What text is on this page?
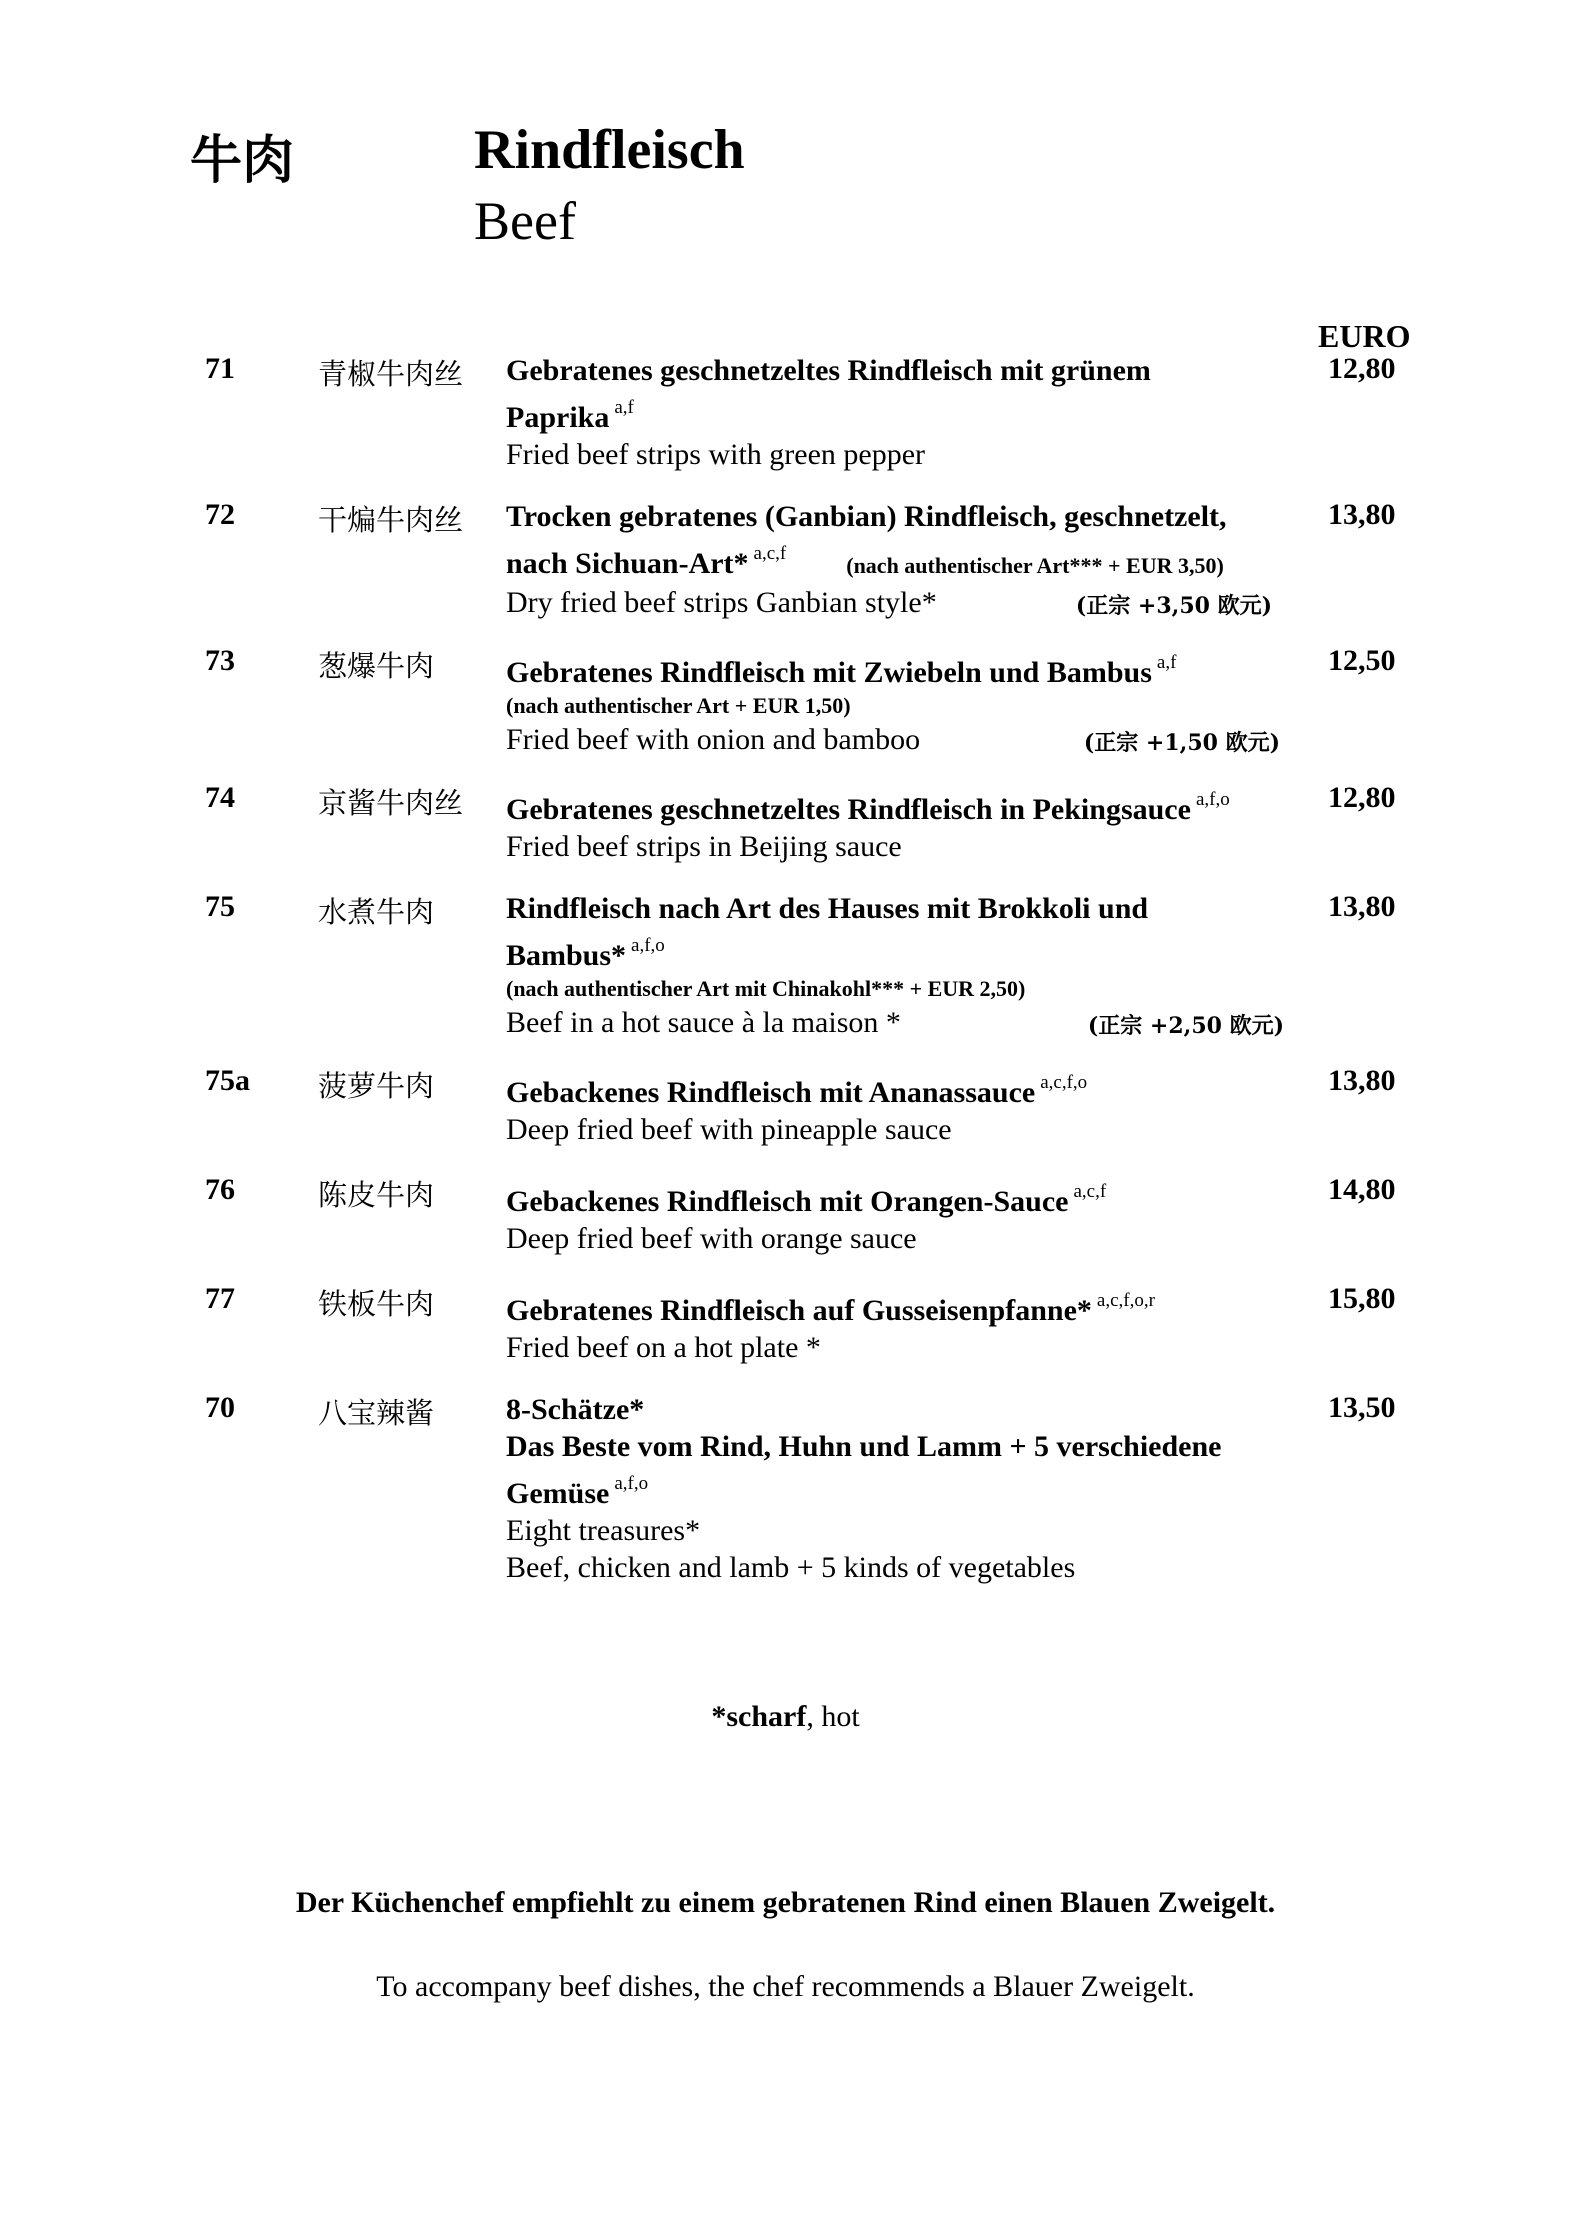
牛肉	Rindfleisch
Beef
EURO
71	青椒牛肉丝 Gebratenes geschnetzeltes Rindfleisch mit grünem
Paprika $^{a,f}$
Fried beef strips with green pepper
12,80
72	干煸牛肉丝 Trocken gebratenes (Ganbian) Rindfleisch, geschnetzelt,
nach Sichuan-Art* $^{a,c,f}$	(nach authentischer Art*** + EUR 3,50)
Dry fried beef strips Ganbian style*	(正宗 +3,50 欧元)
13,80
73	葱爆牛肉 Gebratenes Rindfleisch mit Zwiebeln und Bambus $^{a,f}$
(nach authentischer Art + EUR 1,50)
Fried beef with onion and bamboo	(正宗 +1,50 欧元)
12,50
74	京酱牛肉丝 Gebratenes geschnetzeltes Rindfleisch in Pekingsauce $^{a,f,o}$
Fried beef strips in Beijing sauce
12,80
75	水煮牛肉 Rindfleisch nach Art des Hauses mit Brokkoli und
Bambus* $^{a,f,o}$
(nach authentischer Art mit Chinakohl*** + EUR 2,50)
Beef in a hot sauce à la maison *	(正宗 +2,50 欧元)
13,80
75a 菠萝牛肉 Gebackenes Rindfleisch mit Ananassauce $^{a,c,f,o}$
Deep fried beef with pineapple sauce
13,80
76	陈皮牛肉 Gebackenes Rindfleisch mit Orangen-Sauce $^{a,c,f}$
Deep fried beef with orange sauce
14,80
77	铁板牛肉 Gebratenes Rindfleisch auf Gusseisenpfanne* $^{a,c,f,o,r}$
Fried beef on a hot plate *
15,80
70	八宝辣酱 8-Schätze*
Das Beste vom Rind, Huhn und Lamm + 5 verschiedene
Gemüse $^{a,f,o}$
Eight treasures*
Beef, chicken and lamb + 5 kinds of vegetables
13,50
*scharf, hot
Der Küchenchef empfiehlt zu einem gebratenen Rind einen Blauen Zweigelt.
To accompany beef dishes, the chef recommends a Blauer Zweigelt.
